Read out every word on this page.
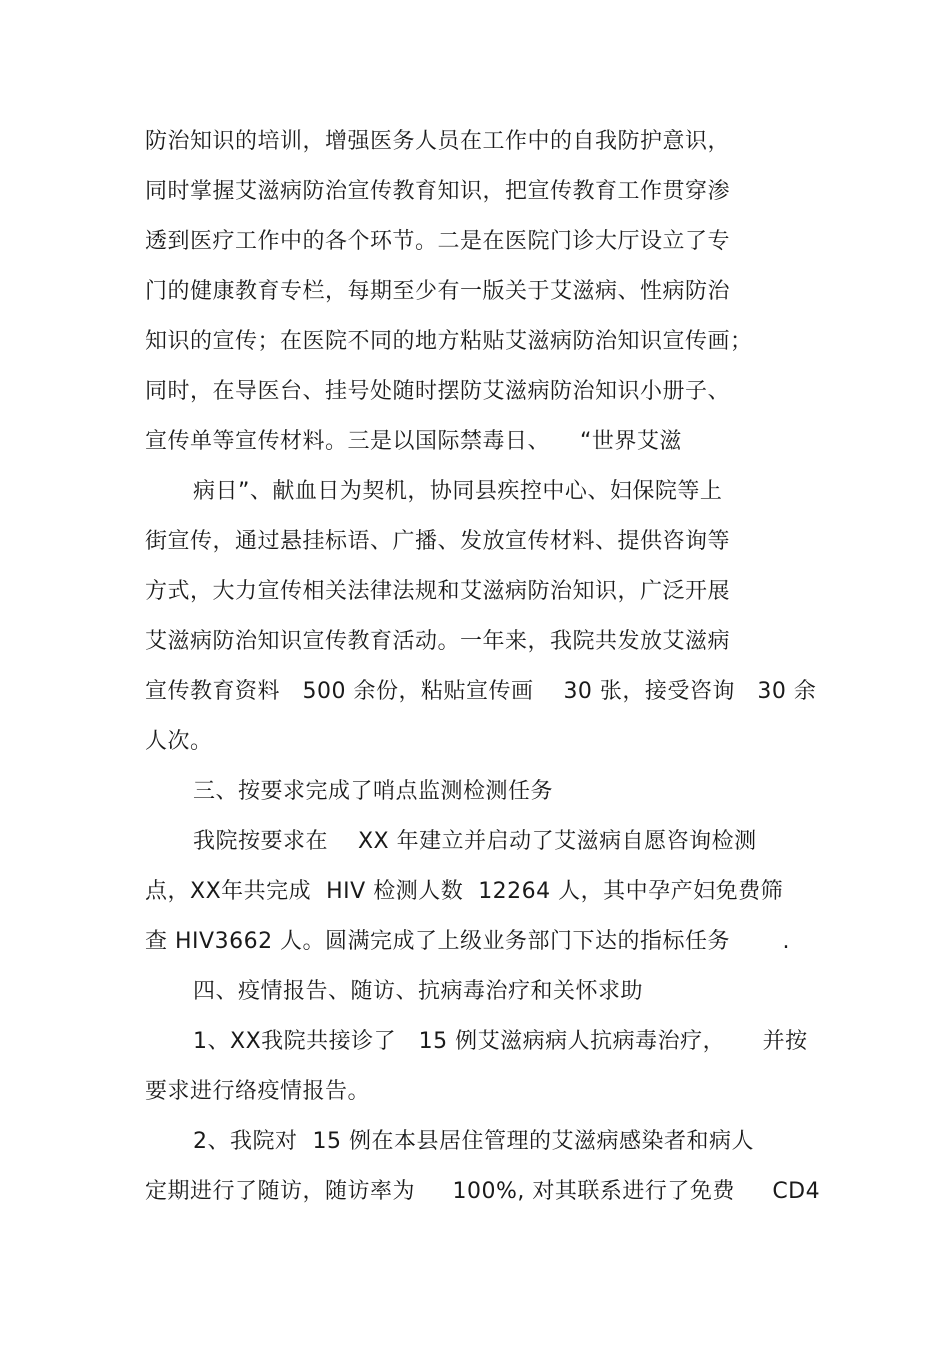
防治知识的培训，增强医务人员在工作中的自我防护意识，
同时掌握艾滋病防治宣传教育知识，把宣传教育工作贯穿渗
透到医疗工作中的各个环节。二是在医院门诊大厅设立了专
门的健康教育专栏，每期至少有一版关于艾滋病、性病防治
知识的宣传；在医院不同的地方粘贴艾滋病防治知识宣传画；
同时，在导医台、挂号处随时摆防艾滋病防治知识小册子、
宣传单等宣传材料。三是以国际禁毒日、    “世界艾滋
病日”、献血日为契机，协同县疾控中心、妇保院等上
街宣传，通过悬挂标语、广播、发放宣传材料、提供咨询等
方式，大力宣传相关法律法规和艾滋病防治知识，广泛开展
艾滋病防治知识宣传教育活动。一年来，我院共发放艾滋病
宣传教育资料   500 余份，粘贴宣传画    30 张，接受咨询   30 余
人次。
三、按要求完成了哨点监测检测任务
我院按要求在    XX 年建立并启动了艾滋病自愿咨询检测
点，XX年共完成  HIV 检测人数  12264 人，其中孕产妇免费筛
查 HIV3662 人。圆满完成了上级业务部门下达的指标任务       .
四、疫情报告、随访、抗病毒治疗和关怀求助
1、XX我院共接诊了   15 例艾滋病病人抗病毒治疗，     并按
要求进行络疫情报告。
2、我院对  15 例在本县居住管理的艾滋病感染者和病人
定期进行了随访，随访率为     100%, 对其联系进行了免费     CD4
